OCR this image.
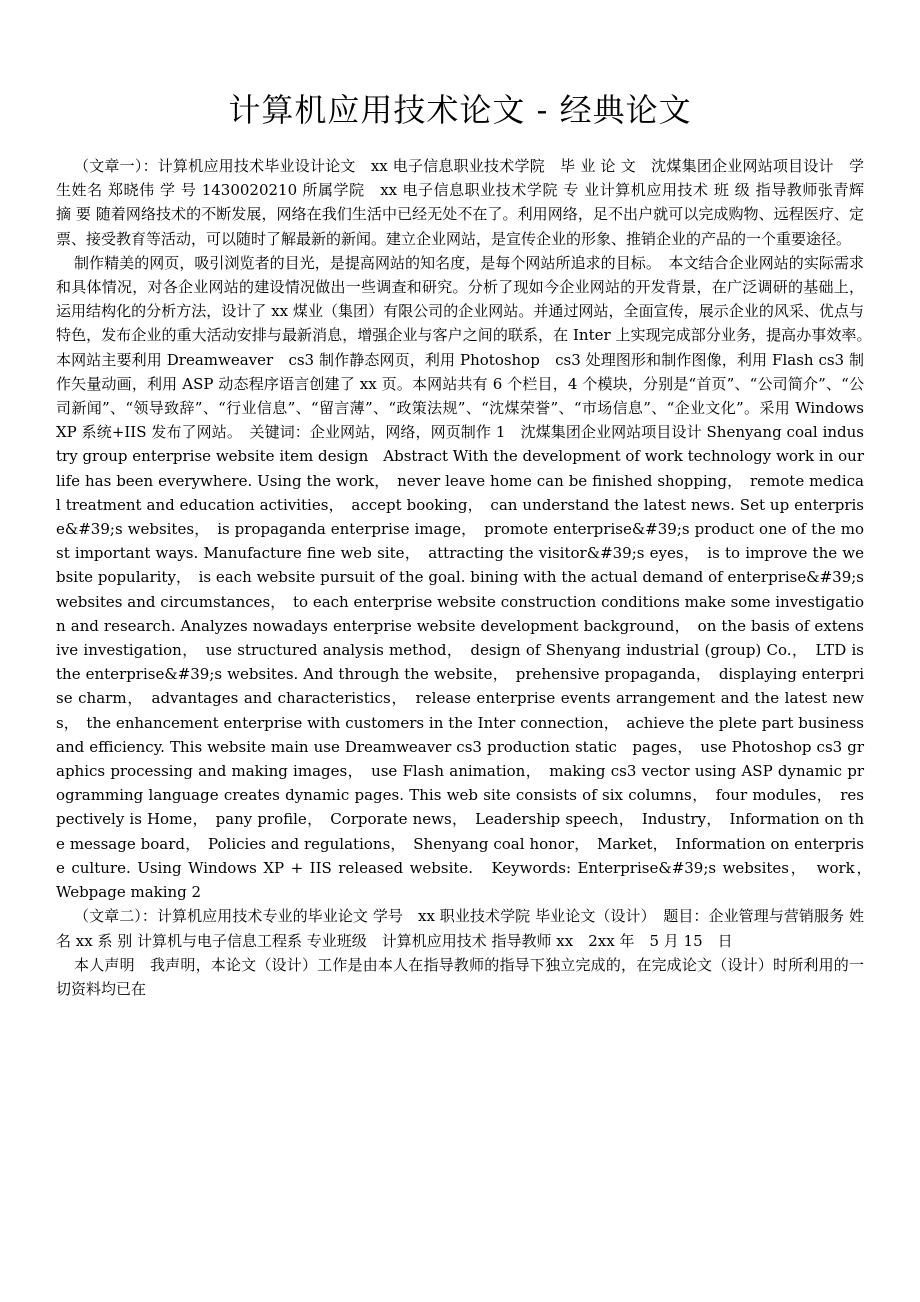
计算机应用技术论文 - 经典论文

（文章一）：计算机应用技术毕业设计论文　xx 电子信息职业技术学院　毕 业 论 文　沈煤集团企业网站项目设计　学生姓名 郑晓伟 学 号 1430020210 所属学院　xx 电子信息职业技术学院 专 业计算机应用技术 班 级 指导教师张青辉　摘 要 随着网络技术的不断发展，网络在我们生活中已经无处不在了。利用网络，足不出户就可以完成购物、远程医疗、定票、接受教育等活动，可以随时了解最新的新闻。建立企业网站，是宣传企业的形象、推销企业的产品的一个重要途径。

制作精美的网页，吸引浏览者的目光，是提高网站的知名度，是每个网站所追求的目标。　本文结合企业网站的实际需求和具体情况，对各企业网站的建设情况做出一些调查和研究。分析了现如今企业网站的开发背景，在广泛调研的基础上，运用结构化的分析方法，设计了 xx 煤业（集团）有限公司的企业网站。并通过网站，全面宣传，展示企业的风采、优点与特色，发布企业的重大活动安排与最新消息，增强企业与客户之间的联系，在 Inter 上实现完成部分业务，提高办事效率。　本网站主要利用 Dreamweaver　cs3 制作静态网页，利用 Photoshop　cs3 处理图形和制作图像，利用 Flash cs3 制作矢量动画，利用 ASP 动态程序语言创建了 xx 页。本网站共有 6 个栏目，4 个模块，分别是“首页”、“公司简介”、“公司新闻”、“领导致辞”、“行业信息”、“留言薄”、“政策法规”、“沈煤荣誉”、“市场信息”、“企业文化”。采用 Windows　XP 系统+IIS 发布了网站。　关键词：企业网站，网络，网页制作 1　沈煤集团企业网站项目设计 Shenyang coal industry group enterprise website item design　Abstract With the development of work technology work in our life has been everywhere. Using the work，　never leave home can be finished shopping，　remote medical treatment and education activities，　accept booking，　can understand the latest news. Set up enterprise&#39;s websites，　is propaganda enterprise image，　promote enterprise&#39;s product one of the most important ways. Manufacture fine web site，　attracting the visitor&#39;s eyes，　is to improve the website popularity，　is each website pursuit of the goal. bining with the actual demand of enterprise&#39;s websites and circumstances，　to each enterprise website construction conditions make some investigation and research. Analyzes nowadays enterprise website development background，　on the basis of extensive investigation，　use structured analysis method，　design of Shenyang industrial (group) Co.，　LTD is the enterprise&#39;s websites. And through the website，　prehensive propaganda，　displaying enterprise charm，　advantages and characteristics，　release enterprise events arrangement and the latest news，　the enhancement enterprise with customers in the Inter connection，　achieve the plete part business and efficiency. This website main use Dreamweaver cs3 production static　pages，　use Photoshop cs3 graphics processing and making images，　use Flash animation，　making cs3 vector using ASP dynamic programming language creates dynamic pages. This web site consists of six columns，　four modules，　respectively is Home，　pany profile，　Corporate news，　Leadership speech，　Industry，　Information on the message board，　Policies and regulations，　Shenyang coal honor，　Market，　Information on enterprise culture. Using Windows XP + IIS released website.　Keywords: Enterprise&#39;s websites，　work，　Webpage making 2

（文章二）：计算机应用技术专业的毕业论文 学号　xx 职业技术学院 毕业论文（设计）　题目：企业管理与营销服务 姓 名 xx 系 别 计算机与电子信息工程系 专业班级　计算机应用技术 指导教师 xx　2xx 年　5 月 15　日

本人声明　我声明，本论文（设计）工作是由本人在指导教师的指导下独立完成的，在完成论文（设计）时所利用的一切资料均已在
